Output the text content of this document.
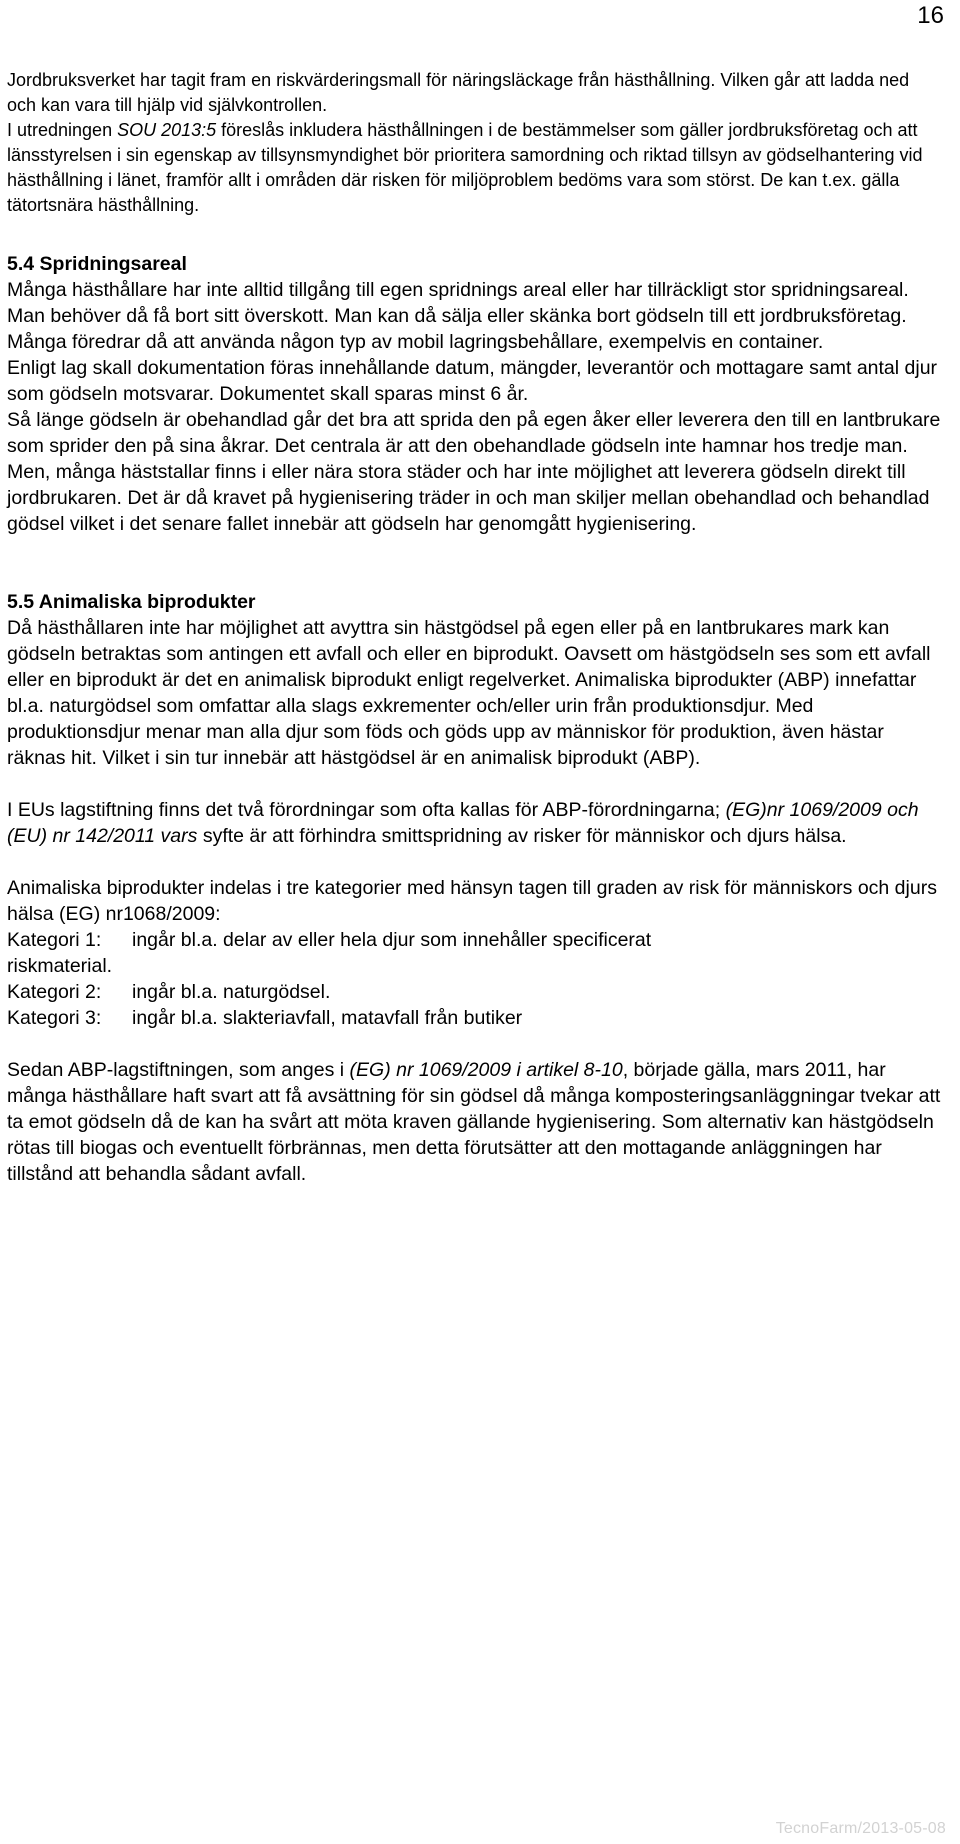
16

Jordbruksverket har tagit fram en riskvärderingsmall för näringsläckage från hästhållning. Vilken går att ladda ned och kan vara till hjälp vid självkontrollen.

I utredningen SOU 2013:5 föreslås inkludera hästhållningen i de bestämmelser som gäller jordbruksföretag och att länsstyrelsen i sin egenskap av tillsynsmyndighet bör prioritera samordning och riktad tillsyn av gödselhantering vid hästhållning i länet, framför allt i områden där risken för miljöproblem bedöms vara som störst. De kan t.ex. gälla tätortsnära hästhållning.

5.4 Spridningsareal

Många hästhållare har inte alltid tillgång till egen spridnings areal eller har tillräckligt stor spridningsareal. Man behöver då få bort sitt överskott. Man kan då sälja eller skänka bort gödseln till ett jordbruksföretag. Många föredrar då att använda någon typ av mobil lagringsbehållare, exempelvis en container.

Enligt lag skall dokumentation föras innehållande datum, mängder, leverantör och mottagare samt antal djur som gödseln motsvarar. Dokumentet skall sparas minst 6 år.

Så länge gödseln är obehandlad går det bra att sprida den på egen åker eller leverera den till en lantbrukare som sprider den på sina åkrar. Det centrala är att den obehandlade gödseln inte hamnar hos tredje man. Men, många häststallar finns i eller nära stora städer och har inte möjlighet att leverera gödseln direkt till jordbrukaren. Det är då kravet på hygienisering träder in och man skiljer mellan obehandlad och behandlad gödsel vilket i det senare fallet innebär att gödseln har genomgått hygienisering.

5.5 Animaliska biprodukter

Då hästhållaren inte har möjlighet att avyttra sin hästgödsel på egen eller på en lantbrukares mark kan gödseln betraktas som antingen ett avfall och eller en biprodukt. Oavsett om hästgödseln ses som ett avfall eller en biprodukt är det en animalisk biprodukt enligt regelverket. Animaliska biprodukter (ABP) innefattar bl.a. naturgödsel som omfattar alla slags exkrementer och/eller urin från produktionsdjur. Med produktionsdjur menar man alla djur som föds och göds upp av människor för produktion, även hästar räknas hit. Vilket i sin tur innebär att hästgödsel är en animalisk biprodukt (ABP).

I EUs lagstiftning finns det två förordningar som ofta kallas för ABP-förordningarna; (EG)nr 1069/2009 och (EU) nr 142/2011 vars syfte är att förhindra smittspridning av risker för människor och djurs hälsa.

Animaliska biprodukter indelas i tre kategorier med hänsyn tagen till graden av risk för människors och djurs hälsa (EG) nr1068/2009:

Kategori 1:	ingår bl.a. delar av eller hela djur som innehåller specificerat
riskmaterial.
Kategori 2:	ingår bl.a. naturgödsel.
Kategori 3:	ingår bl.a. slakteriavfall, matavfall från butiker

Sedan ABP-lagstiftningen, som anges i (EG) nr 1069/2009 i artikel 8-10, började gälla, mars 2011, har många hästhållare haft svart att få avsättning för sin gödsel då många komposteringsanläggningar tvekar att ta emot gödseln då de kan ha svårt att möta kraven gällande hygienisering. Som alternativ kan hästgödseln rötas till biogas och eventuellt förbrännas, men detta förutsätter att den mottagande anläggningen har tillstånd att behandla sådant avfall.

TecnoFarm/2013-05-08
